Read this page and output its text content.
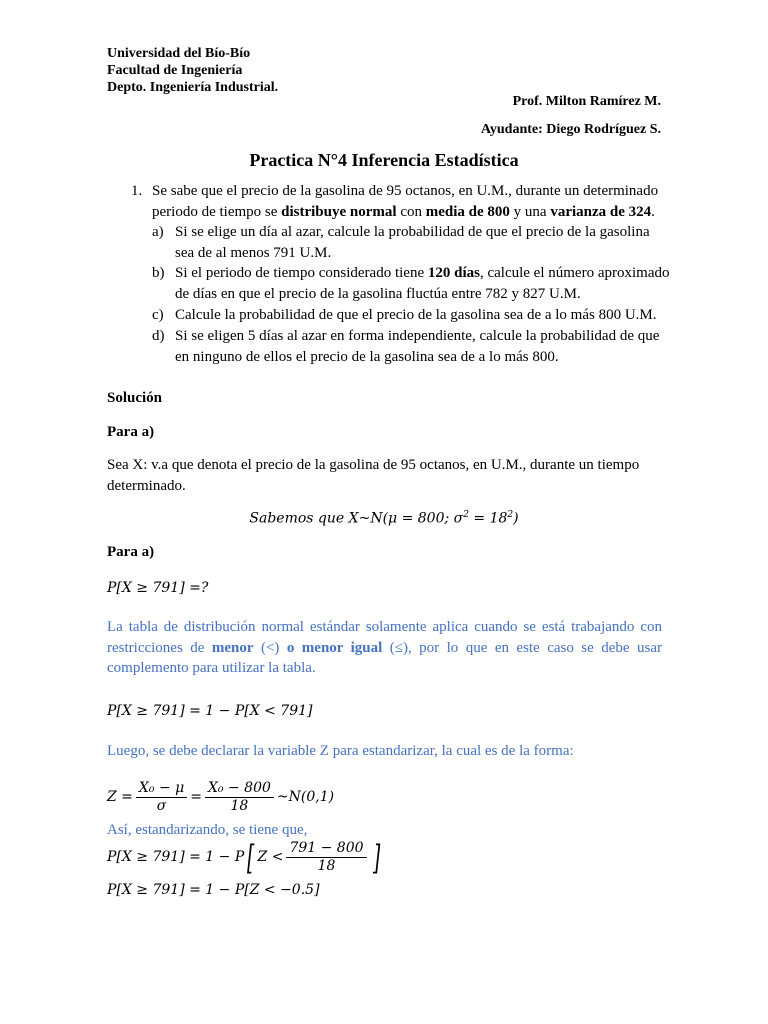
Universidad del Bío-Bío
Facultad de Ingeniería
Depto. Ingeniería Industrial.
Prof. Milton Ramírez M.
Ayudante: Diego Rodríguez S.
Practica N°4 Inferencia Estadística
1. Se sabe que el precio de la gasolina de 95 octanos, en U.M., durante un determinado periodo de tiempo se distribuye normal con media de 800 y una varianza de 324.
a) Si se elige un día al azar, calcule la probabilidad de que el precio de la gasolina sea de al menos 791 U.M.
b) Si el periodo de tiempo considerado tiene 120 días, calcule el número aproximado de días en que el precio de la gasolina fluctúa entre 782 y 827 U.M.
c) Calcule la probabilidad de que el precio de la gasolina sea de a lo más 800 U.M.
d) Si se eligen 5 días al azar en forma independiente, calcule la probabilidad de que en ninguno de ellos el precio de la gasolina sea de a lo más 800.
Solución
Para a)
Sea X: v.a que denota el precio de la gasolina de 95 octanos, en U.M., durante un tiempo determinado.
Sabemos que X~N(μ = 800; $\sigma^2 = 18^2$)
Para a)
P[X ≥ 791] =?
La tabla de distribución normal estándar solamente aplica cuando se está trabajando con restricciones de menor (<) o menor igual (≤), por lo que en este caso se debe usar complemento para utilizar la tabla.
P[X ≥ 791] = 1 − P[X < 791]
Luego, se debe declarar la variable Z para estandarizar, la cual es de la forma:
$Z = \frac{\text{X₀ − μ}}{\sigma} = \frac{\text{X₀ − 800}}{18}$ ~N(0,1)
Así, estandarizando, se tiene que,
P[X ≥ 791] = 1 − P [ $Z < \frac{791 - 800}{18}$ ]
P[X ≥ 791] = 1 − P[Z < −0.5]
